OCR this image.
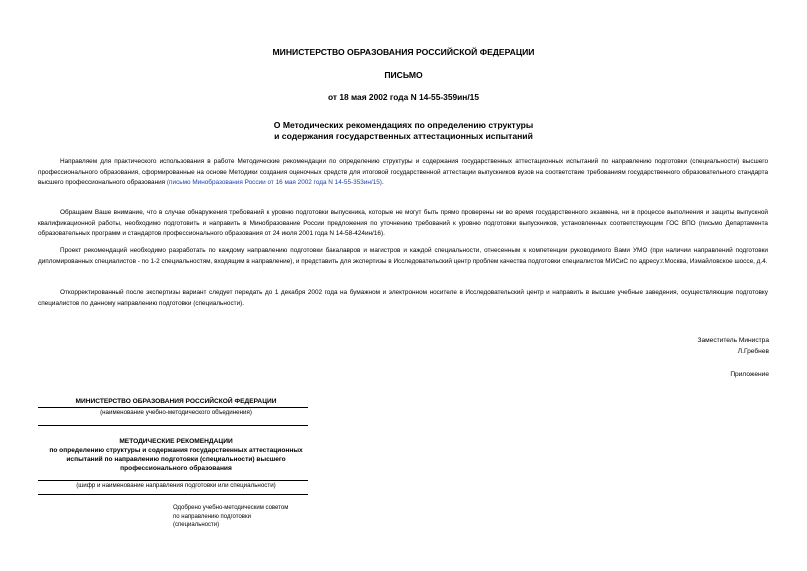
МИНИСТЕРСТВО ОБРАЗОВАНИЯ РОССИЙСКОЙ ФЕДЕРАЦИИ
ПИСЬМО
от 18 мая 2002 года N 14-55-359ин/15
О Методических рекомендациях по определению структуры
и содержания государственных аттестационных испытаний

Направляем для практического использования в работе Методические рекомендации по определению структуры и содержания государственных аттестационных испытаний по направлению подготовки (специальности) высшего профессионального образования, сформированные на основе Методики создания оценочных средств для итоговой государственной аттестации выпускников вузов на соответствие требованиям государственного образовательного стандарта высшего профессионального образования (письмо Минобразования России от 16 мая 2002 года N 14-55-353ин/15).

Обращаем Ваше внимание, что в случае обнаружения требований к уровню подготовки выпускника, которые не могут быть прямо проверены ни во время государственного экзамена, ни в процессе выполнения и защиты выпускной квалификационной работы, необходимо подготовить и направить в Минобразование России предложения по уточнению требований к уровню подготовки выпускников, установленных соответствующим ГОС ВПО (письмо Департамента образовательных программ и стандартов профессионального образования от 24 июля 2001 года N 14-58-424ин/16).

Проект рекомендаций необходимо разработать по каждому направлению подготовки бакалавров и магистров и каждой специальности, отнесенным к компетенции руководимого Вами УМО (при наличии направлений подготовки дипломированных специалистов - по 1-2 специальностям, входящим в направление), и представить для экспертизы в Исследовательский центр проблем качества подготовки специалистов МИСиС по адресу:г.Москва, Измайловское шоссе, д.4.

Откорректированный после экспертизы вариант следует передать до 1 декабря 2002 года на бумажном и электронном носителе в Исследовательский центр и направить в высшие учебные заведения, осуществляющие подготовку специалистов по данному направлению подготовки (специальности).

Заместитель Министра
Л.Гребнев
Приложение
МИНИСТЕРСТВО ОБРАЗОВАНИЯ РОССИЙСКОЙ ФЕДЕРАЦИИ
(наименование учебно-методического объединения)
МЕТОДИЧЕСКИЕ РЕКОМЕНДАЦИИ
по определению структуры и содержания государственных аттестационных
испытаний по направлению подготовки (специальности) высшего
профессионального образования
(шифр и наименование направления подготовки или специальности)
Одобрено учебно-методическим советом
по направлению подготовки
(специальности)
